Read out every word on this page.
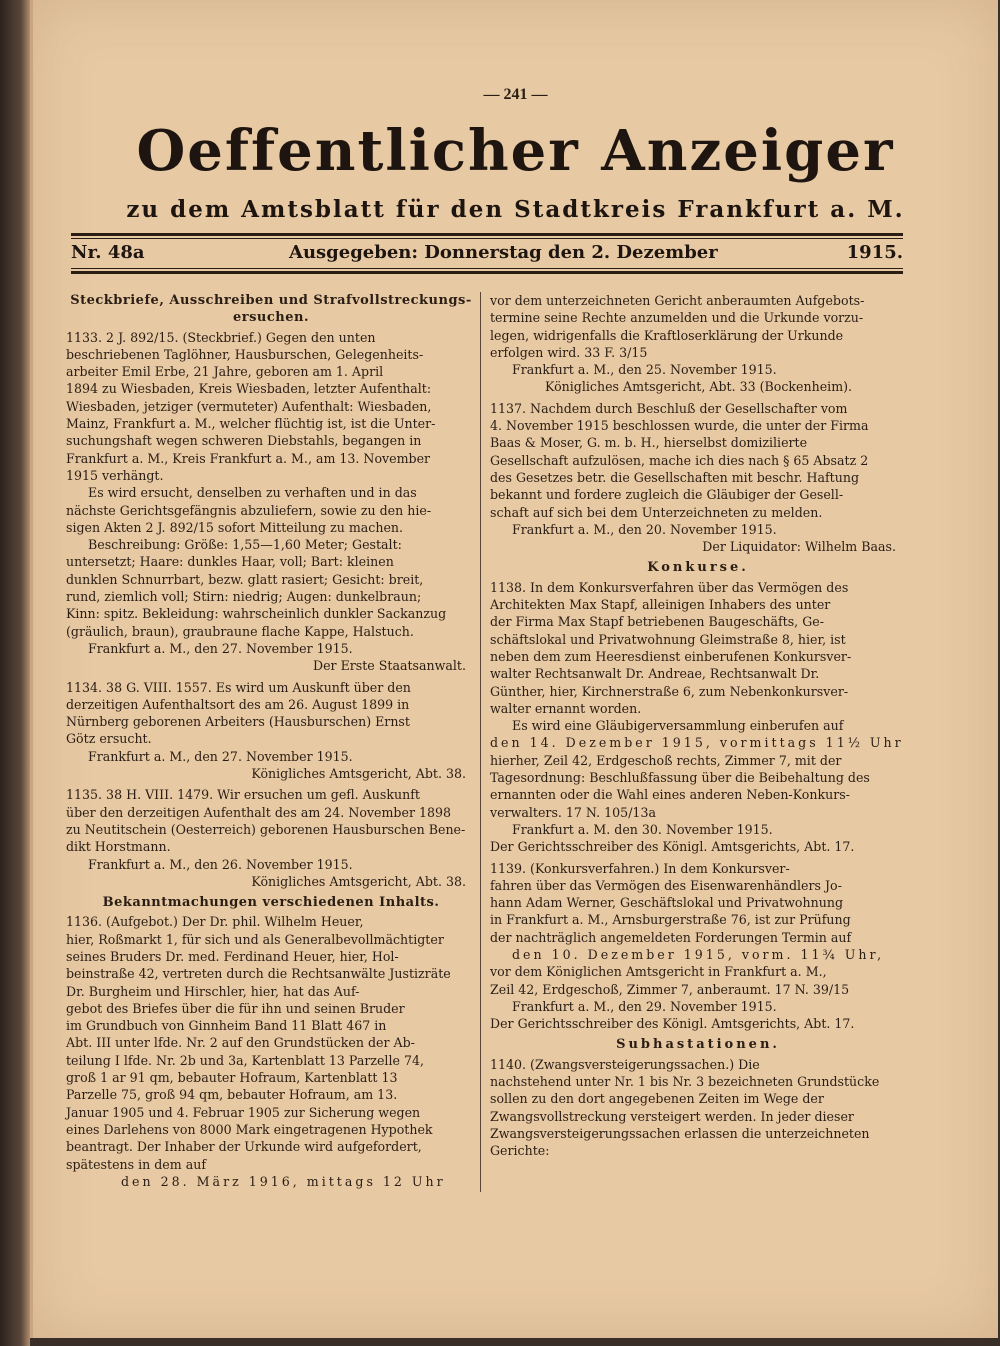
— 241 —
Oeffentlicher Anzeiger
zu dem Amtsblatt für den Stadtkreis Frankfurt a. M.
Nr. 48a	Ausgegeben: Donnerstag den 2. Dezember	1915.
Steckbriefe, Ausschreiben und Strafvollstreckungs-
ersuchen.
1133. 2 J. 892/15. (Steckbrief.) Gegen den unten
beschriebenen Taglöhner, Hausburschen, Gelegenheits-
arbeiter Emil Erbe, 21 Jahre, geboren am 1. April
1894 zu Wiesbaden, Kreis Wiesbaden, letzter Aufenthalt:
Wiesbaden, jetziger (vermuteter) Aufenthalt: Wiesbaden,
Mainz, Frankfurt a. M., welcher flüchtig ist, ist die Unter-
suchungshaft wegen schweren Diebstahls, begangen in
Frankfurt a. M., Kreis Frankfurt a. M., am 13. November
1915 verhängt.
Es wird ersucht, denselben zu verhaften und in das
nächste Gerichtsgefängnis abzuliefern, sowie zu den hie-
sigen Akten 2 J. 892/15 sofort Mitteilung zu machen.
Beschreibung: Größe: 1,55—1,60 Meter; Gestalt:
untersetzt; Haare: dunkles Haar, voll; Bart: kleinen
dunklen Schnurrbart, bezw. glatt rasiert; Gesicht: breit,
rund, ziemlich voll; Stirn: niedrig; Augen: dunkelbraun;
Kinn: spitz. Bekleidung: wahrscheinlich dunkler Sackanzug
(gräulich, braun), graubraune flache Kappe, Halstuch.
Frankfurt a. M., den 27. November 1915.
Der Erste Staatsanwalt.
1134. 38 G. VIII. 1557. Es wird um Auskunft über den
derzeitigen Aufenthaltsort des am 26. August 1899 in
Nürnberg geborenen Arbeiters (Hausburschen) Ernst
Götz ersucht.
Frankfurt a. M., den 27. November 1915.
Königliches Amtsgericht, Abt. 38.
1135. 38 H. VIII. 1479. Wir ersuchen um gefl. Auskunft
über den derzeitigen Aufenthalt des am 24. November 1898
zu Neutitschein (Oesterreich) geborenen Hausburschen Bene-
dikt Horstmann.
Frankfurt a. M., den 26. November 1915.
Königliches Amtsgericht, Abt. 38.
Bekanntmachungen verschiedenen Inhalts.
1136. (Aufgebot.) Der Dr. phil. Wilhelm Heuer,
hier, Roßmarkt 1, für sich und als Generalbevollmächtigter
seines Bruders Dr. med. Ferdinand Heuer, hier, Hol-
beinstraße 42, vertreten durch die Rechtsanwälte Justizräte
Dr. Burgheim und Hirschler, hier, hat das Auf-
gebot des Briefes über die für ihn und seinen Bruder
im Grundbuch von Ginnheim Band 11 Blatt 467 in
Abt. III unter lfde. Nr. 2 auf den Grundstücken der Ab-
teilung I lfde. Nr. 2b und 3a, Kartenblatt 13 Parzelle 74,
groß 1 ar 91 qm, bebauter Hofraum, Kartenblatt 13
Parzelle 75, groß 94 qm, bebauter Hofraum, am 13.
Januar 1905 und 4. Februar 1905 zur Sicherung wegen
eines Darlehens von 8000 Mark eingetragenen Hypothek
beantragt. Der Inhaber der Urkunde wird aufgefordert,
spätestens in dem auf
den 28. März 1916, mittags 12 Uhr
vor dem unterzeichneten Gericht anberaumten Aufgebots-
termine seine Rechte anzumelden und die Urkunde vorzu-
legen, widrigenfalls die Kraftloserklärung der Urkunde
erfolgen wird. 33 F. 3/15
Frankfurt a. M., den 25. November 1915.
Königliches Amtsgericht, Abt. 33 (Bockenheim).
1137. Nachdem durch Beschluß der Gesellschafter vom
4. November 1915 beschlossen wurde, die unter der Firma
Baas & Moser, G. m. b. H., hierselbst domizilierte
Gesellschaft aufzulösen, mache ich dies nach § 65 Absatz 2
des Gesetzes betr. die Gesellschaften mit beschr. Haftung
bekannt und fordere zugleich die Gläubiger der Gesell-
schaft auf sich bei dem Unterzeichneten zu melden.
Frankfurt a. M., den 20. November 1915.
Der Liquidator: Wilhelm Baas.
Konkurse.
1138. In dem Konkursverfahren über das Vermögen des
Architekten Max Stapf, alleinigen Inhabers des unter
der Firma Max Stapf betriebenen Baugeschäfts, Ge-
schäftslokal und Privatwohnung Gleimstraße 8, hier, ist
neben dem zum Heeresdienst einberufenen Konkursver-
walter Rechtsanwalt Dr. Andreae, Rechtsanwalt Dr.
Günther, hier, Kirchnerstraße 6, zum Nebenkonkursver-
walter ernannt worden.
Es wird eine Gläubigerversammlung einberufen auf
den 14. Dezember 1915, vormittags 11½ Uhr
hierher, Zeil 42, Erdgeschoß rechts, Zimmer 7, mit der
Tagesordnung: Beschlußfassung über die Beibehaltung des
ernannten oder die Wahl eines anderen Neben-Konkurs-
verwalters. 17 N. 105/13a
Frankfurt a. M. den 30. November 1915.
Der Gerichtsschreiber des Königl. Amtsgerichts, Abt. 17.
1139. (Konkursverfahren.) In dem Konkursver-
fahren über das Vermögen des Eisenwarenhändlers Jo-
hann Adam Werner, Geschäftslokal und Privatwohnung
in Frankfurt a. M., Arnsburgerstraße 76, ist zur Prüfung
der nachträglich angemeldeten Forderungen Termin auf
den 10. Dezember 1915, vorm. 11¾ Uhr,
vor dem Königlichen Amtsgericht in Frankfurt a. M.,
Zeil 42, Erdgeschoß, Zimmer 7, anberaumt. 17 N. 39/15
Frankfurt a. M., den 29. November 1915.
Der Gerichtsschreiber des Königl. Amtsgerichts, Abt. 17.
Subhastationen.
1140. (Zwangsversteigerungssachen.) Die
nachstehend unter Nr. 1 bis Nr. 3 bezeichneten Grundstücke
sollen zu den dort angegebenen Zeiten im Wege der
Zwangsvollstreckung versteigert werden. In jeder dieser
Zwangsversteigerungssachen erlassen die unterzeichneten
Gerichte:
